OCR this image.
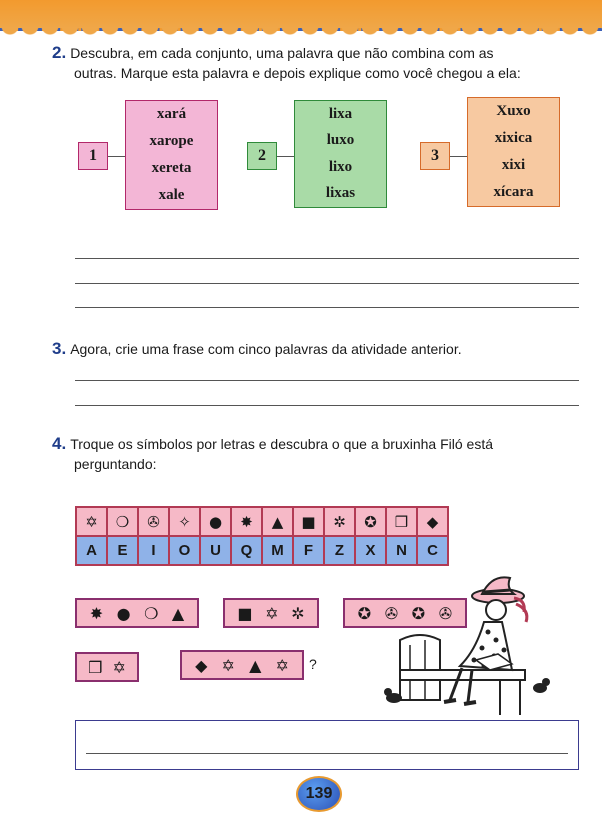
2. Descubra, em cada conjunto, uma palavra que não combina com as
outras. Marque esta palavra e depois explique como você chegou a ela:
1
xará
xarope
xereta
xale
2
lixa
luxo
lixo
lixas
3
Xuxo
xixica
xixi
xícara
3. Agora, crie uma frase com cinco palavras da atividade anterior.
4. Troque os símbolos por letras e descubra o que a bruxinha Filó está
perguntando:
✡	❍	✇	✧	●	✸	▲	■	✲	✪	❒	◆
A	E	I	O	U	Q	M	F	Z	X	N	C
✸ ● ❍ ▲	■ ✡ ✲	✪ ✇ ✪ ✇
❒ ✡	◆ ✡ ▲ ✡ ?
139
